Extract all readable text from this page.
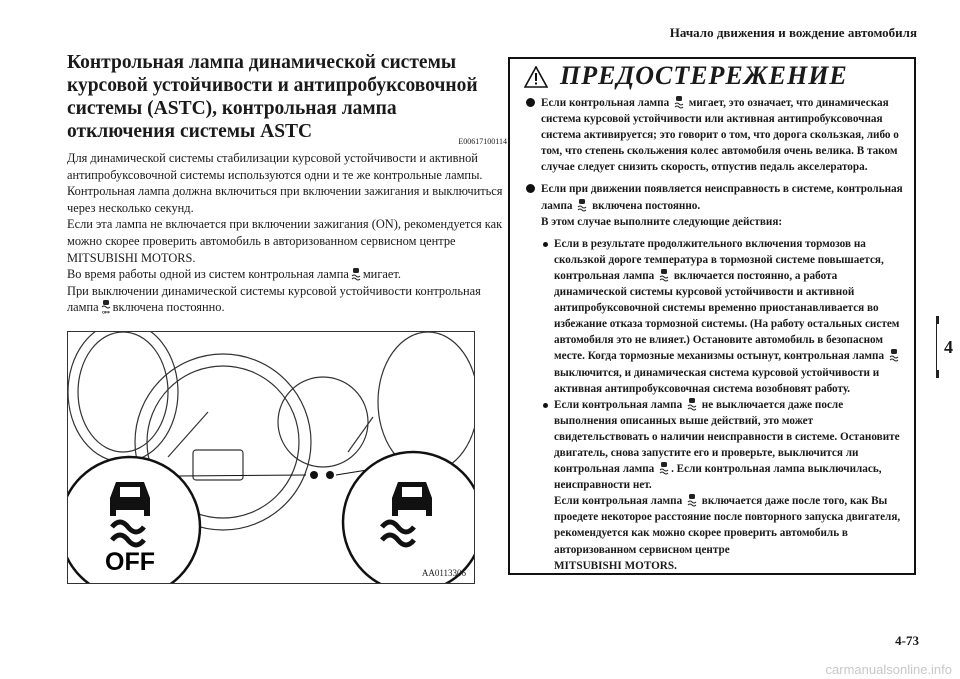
Начало движения и вождение автомобиля
4
Контрольная лампа динамической системы курсовой устойчивости и антипробуксовочной системы (ASTC), контрольная лампа отключения системы ASTC	E00617100114

Для динамической системы стабилизации курсовой устойчивости и активной антипробуксовочной системы используются одни и те же контрольные лампы.

Контрольная лампа должна включиться при включении зажигания и выключиться через несколько секунд.

Если эта лампа не включается при включении зажигания (ON), рекомендуется как можно скорее проверить автомобиль в авторизованном сервисном центре MITSUBISHI MOTORS.

Во время работы одной из систем контрольная лампа мигает.

При выключении динамической системы курсовой устойчивости контрольная лампа OFF включена постоянно.

OFF	AA0113306
ПРЕДОСТЕРЕЖЕНИЕ
Если контрольная лампа мигает, это означает, что динамическая система курсовой устойчивости или активная антипробуксовочная система активируется; это говорит о том, что дорога скользкая, либо о том, что степень скольжения колес автомобиля очень велика. В таком случае следует снизить скорость, отпустив педаль акселератора.
Если при движении появляется неисправность в системе, контрольная лампа включена постоянно.
В этом случае выполните следующие действия:
Если в результате продолжительного включения тормозов на скользкой дороге температура в тормозной системе повышается, контрольная лампа включается постоянно, а работа динамической системы курсовой устойчивости и активной антипробуксовочной системы временно приостанавливается во избежание отказа тормозной системы. (На работу остальных систем автомобиля это не влияет.) Остановите автомобиль в безопасном месте. Когда тормозные механизмы остынут, контрольная лампа  выключится, и динамическая система курсовой устойчивости и активная антипробуксовочная система возобновят работу.
Если контрольная лампа не выключается даже после выполнения описанных выше действий, это может свидетельствовать о наличии неисправности в системе. Остановите двигатель, снова запустите его и проверьте, выключится ли контрольная лампа . Если контрольная лампа выключилась, неисправности нет.
Если контрольная лампа включается даже после того, как Вы проедете некоторое расстояние после повторного запуска двигателя, рекомендуется как можно скорее проверить автомобиль в авторизованном сервисном центре
MITSUBISHI MOTORS.
4-73
carmanualsonline.info
